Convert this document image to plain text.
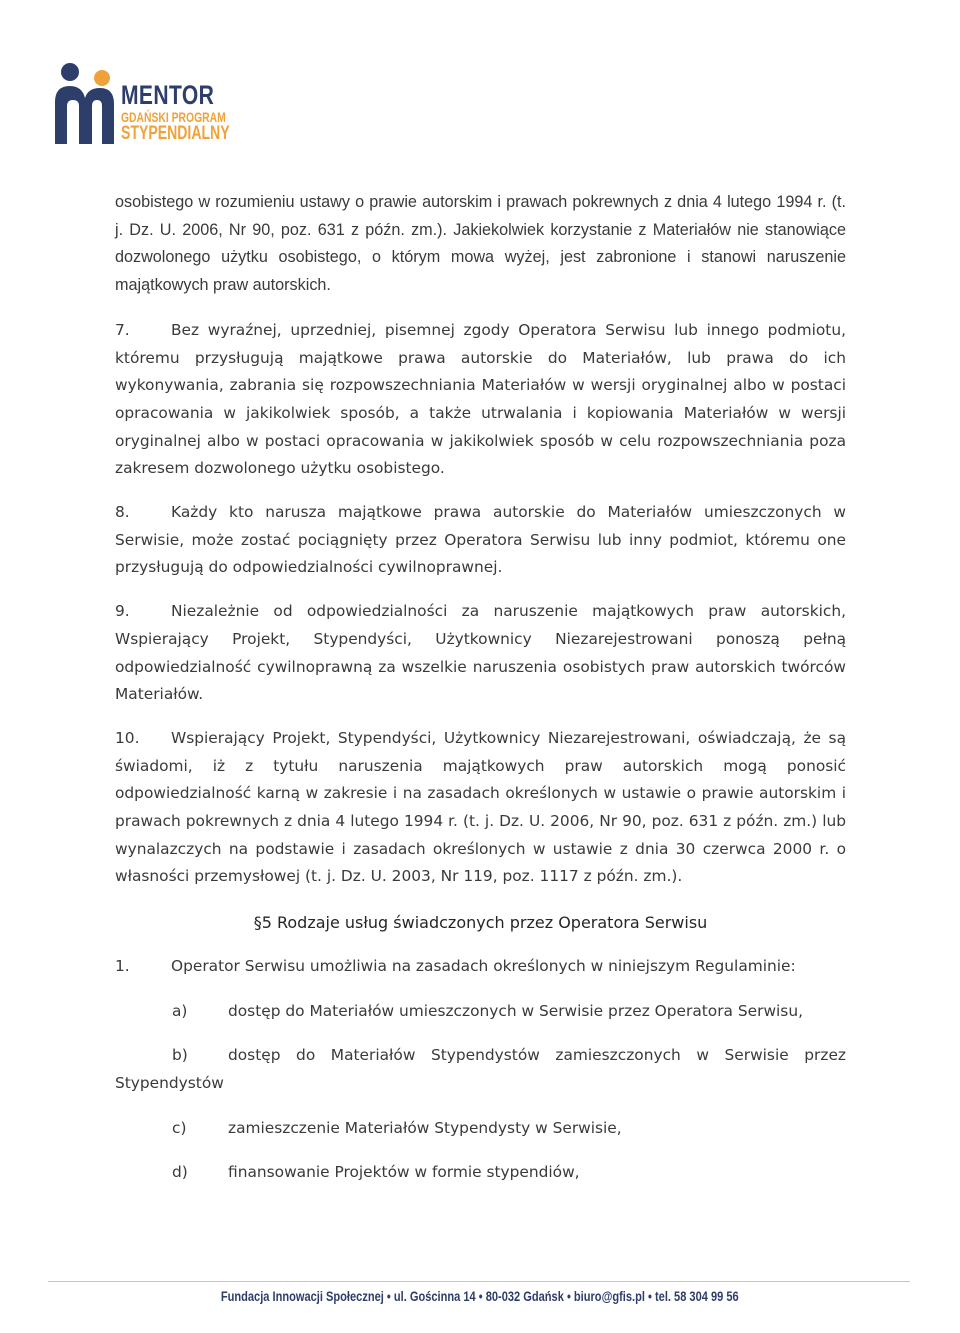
MENTOR
GDAŃSKI PROGRAM
STYPENDIALNY

osobistego w rozumieniu ustawy o prawie autorskim i prawach pokrewnych z dnia 4 lutego 1994 r. (t. j. Dz. U. 2006, Nr 90, poz. 631 z późn. zm.). Jakiekolwiek korzystanie z Materiałów nie stanowiące dozwolonego użytku osobistego, o którym mowa wyżej, jest zabronione i stanowi naruszenie majątkowych praw autorskich.

7.	Bez wyraźnej, uprzedniej, pisemnej zgody Operatora Serwisu lub innego podmiotu, któremu przysługują majątkowe prawa autorskie do Materiałów, lub prawa do ich wykonywania, zabrania się rozpowszechniania Materiałów w wersji oryginalnej albo w postaci opracowania w jakikolwiek sposób, a także utrwalania i kopiowania Materiałów w wersji oryginalnej albo w postaci opracowania w jakikolwiek sposób w celu rozpowszechniania poza zakresem dozwolonego użytku osobistego.

8.	Każdy kto narusza majątkowe prawa autorskie do Materiałów umieszczonych w Serwisie, może zostać pociągnięty przez Operatora Serwisu lub inny podmiot, któremu one przysługują do odpowiedzialności cywilnoprawnej.

9.	Niezależnie od odpowiedzialności za naruszenie majątkowych praw autorskich, Wspierający Projekt, Stypendyści, Użytkownicy Niezarejestrowani ponoszą pełną odpowiedzialność cywilnoprawną za wszelkie naruszenia osobistych praw autorskich twórców Materiałów.

10. Wspierający Projekt, Stypendyści, Użytkownicy Niezarejestrowani, oświadczają, że są świadomi, iż z tytułu naruszenia majątkowych praw autorskich mogą ponosić odpowiedzialność karną w zakresie i na zasadach określonych w ustawie o prawie autorskim i prawach pokrewnych z dnia 4 lutego 1994 r. (t. j. Dz. U. 2006, Nr 90, poz. 631 z późn. zm.) lub wynalazczych na podstawie i zasadach określonych w ustawie z dnia 30 czerwca 2000 r. o własności przemysłowej (t. j. Dz. U. 2003, Nr 119, poz. 1117 z późn. zm.).

§5 Rodzaje usług świadczonych przez Operatora Serwisu

1.	Operator Serwisu umożliwia na zasadach określonych w niniejszym Regulaminie:

a)	dostęp do Materiałów umieszczonych w Serwisie przez Operatora Serwisu,

b)	dostęp do Materiałów Stypendystów zamieszczonych w Serwisie przez Stypendystów

c)	zamieszczenie Materiałów Stypendysty w Serwisie,

d)	finansowanie Projektów w formie stypendiów,

Fundacja Innowacji Społecznej • ul. Gościnna 14 • 80-032 Gdańsk • biuro@gfis.pl • tel. 58 304 99 56
